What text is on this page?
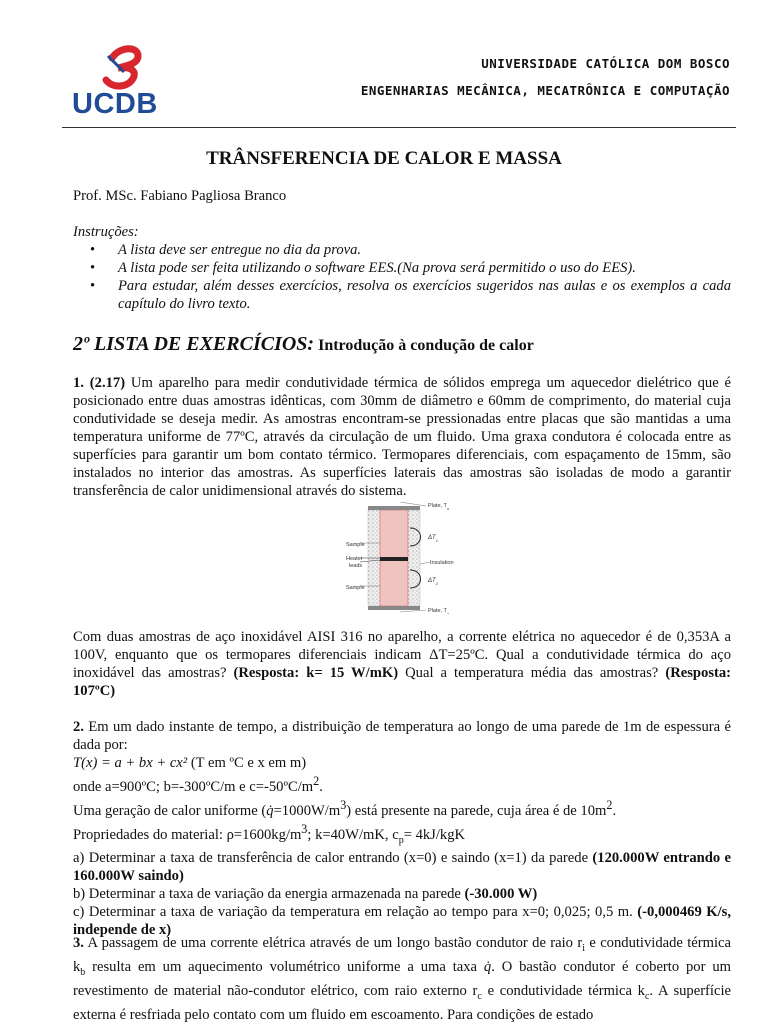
UCDB
UNIVERSIDADE CATÓLICA DOM BOSCO
ENGENHARIAS MECÂNICA, MECATRÔNICA E COMPUTAÇÃO
TRÂNSFERENCIA DE CALOR E MASSA
Prof. MSc. Fabiano Pagliosa Branco

Instruções:

• A lista deve ser entregue no dia da prova.
• A lista pode ser feita utilizando o software EES.(Na prova será permitido o uso do EES).
• Para estudar, além desses exercícios, resolva os exercícios sugeridos nas aulas e os exemplos a cada capítulo do livro texto.
2º LISTA DE EXERCÍCIOS: Introdução à condução de calor

1. (2.17) Um aparelho para medir condutividade térmica de sólidos emprega um aquecedor dielétrico que é posicionado entre duas amostras idênticas, com 30mm de diâmetro e 60mm de comprimento, do material cuja condutividade se deseja medir. As amostras encontram-se pressionadas entre placas que são mantidas a uma temperatura uniforme de 77ºC, através da circulação de um fluido. Uma graxa condutora é colocada entre as superfícies para garantir um bom contato térmico. Termopares diferenciais, com espaçamento de 15mm, são instalados no interior das amostras. As superfícies laterais das amostras são isoladas de modo a garantir transferência de calor unidimensional através do sistema.

Plate, $T_o$
Plate, $T_o$
Sample
Heater
leads
Sample
Insulation
$\Delta T_1$
$\Delta T_2$

Com duas amostras de aço inoxidável AISI 316 no aparelho, a corrente elétrica no aquecedor é de 0,353A a 100V, enquanto que os termopares diferenciais indicam ΔT=25ºC. Qual a condutividade térmica do aço inoxidável das amostras? (Resposta: k= 15 W/mK) Qual a temperatura média das amostras? (Resposta: 107ºC)

2. Em um dado instante de tempo, a distribuição de temperatura ao longo de uma parede de 1m de espessura é dada por:

T(x) = a + bx + cx² (T em ºC e x em m)

onde a=900ºC; b=-300ºC/m e $c=-50ºC/m^2$.

Uma geração de calor uniforme $(q̇=1000W/m^3)$ está presente na parede, cuja área é de $10m^2$.

Propriedades do material: $\rho=1600kg/m^3$; k=40W/mK, $c_p= 4kJ/kgK$

a) Determinar a taxa de transferência de calor entrando (x=0) e saindo (x=1) da parede (120.000W entrando e 160.000W saindo)

b) Determinar a taxa de variação da energia armazenada na parede (-30.000 W)

c) Determinar a taxa de variação da temperatura em relação ao tempo para x=0; 0,025; 0,5 m. (-0,000469 K/s, independe de x)

3. A passagem de uma corrente elétrica através de um longo bastão condutor de raio $r_i$ e condutividade térmica $k_b$ resulta em um aquecimento volumétrico uniforme a uma taxa q̇. O bastão condutor é coberto por um revestimento de material não-condutor elétrico, com raio externo $r_c$ e condutividade térmica $k_c$. A superfície externa é resfriada pelo contato com um fluido em escoamento. Para condições de estado
